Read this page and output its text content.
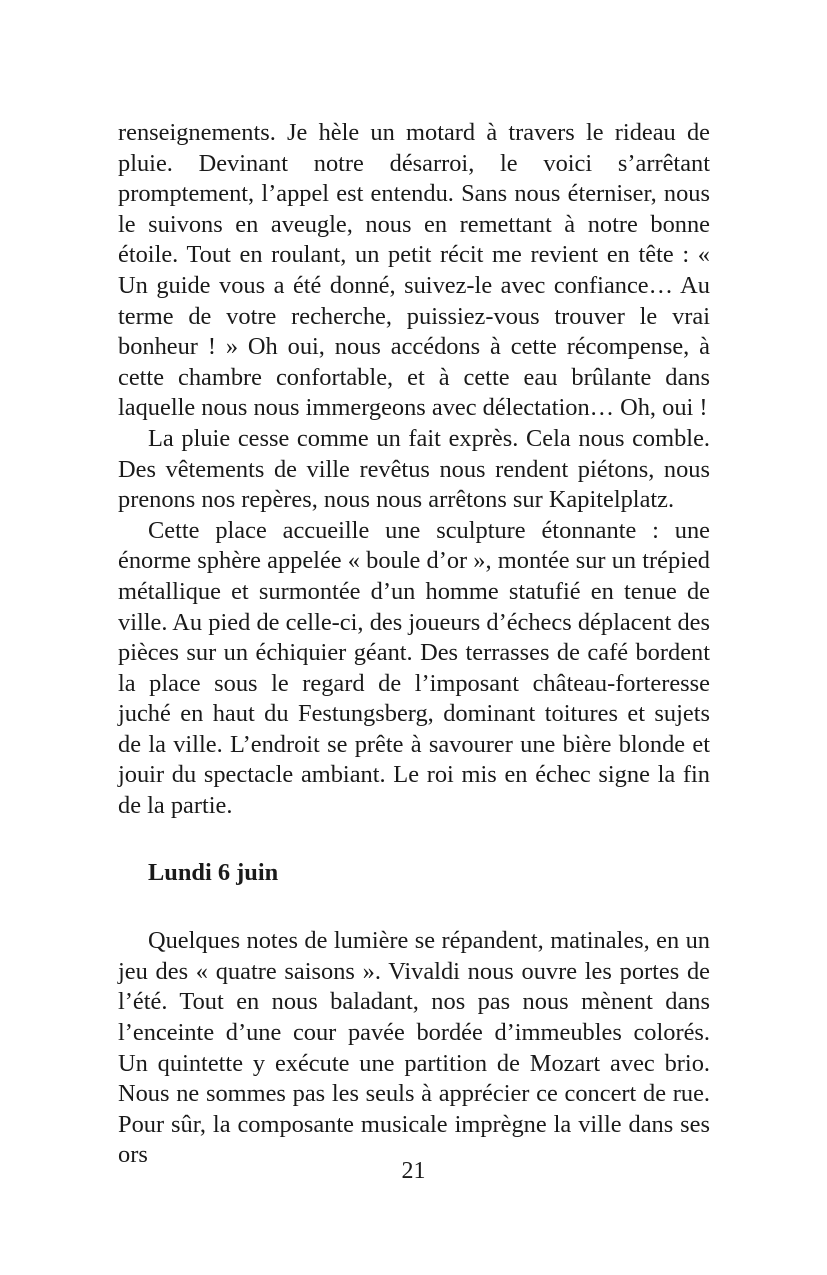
renseignements. Je hèle un motard à travers le rideau de pluie. Devinant notre désarroi, le voici s’arrêtant promptement, l’appel est entendu. Sans nous éterniser, nous le suivons en aveugle, nous en remettant à notre bonne étoile. Tout en roulant, un petit récit me revient en tête : « Un guide vous a été donné, suivez-le avec confiance… Au terme de votre recherche, puissiez-vous trouver le vrai bonheur ! » Oh oui, nous accédons à cette récompense, à cette chambre confortable, et à cette eau brûlante dans laquelle nous nous immergeons avec délectation… Oh, oui !

La pluie cesse comme un fait exprès. Cela nous comble. Des vêtements de ville revêtus nous rendent piétons, nous prenons nos repères, nous nous arrêtons sur Kapitelplatz.

Cette place accueille une sculpture étonnante : une énorme sphère appelée « boule d’or », montée sur un trépied métallique et surmontée d’un homme statufié en tenue de ville. Au pied de celle-ci, des joueurs d’échecs déplacent des pièces sur un échiquier géant. Des terrasses de café bordent la place sous le regard de l’imposant château-forteresse juché en haut du Festungsberg, dominant toitures et sujets de la ville. L’endroit se prête à savourer une bière blonde et jouir du spectacle ambiant. Le roi mis en échec signe la fin de la partie.

Lundi 6 juin

Quelques notes de lumière se répandent, matinales, en un jeu des « quatre saisons ». Vivaldi nous ouvre les portes de l’été. Tout en nous baladant, nos pas nous mènent dans l’enceinte d’une cour pavée bordée d’immeubles colorés. Un quintette y exécute une partition de Mozart avec brio. Nous ne sommes pas les seuls à apprécier ce concert de rue. Pour sûr, la composante musicale imprègne la ville dans ses ors

21
